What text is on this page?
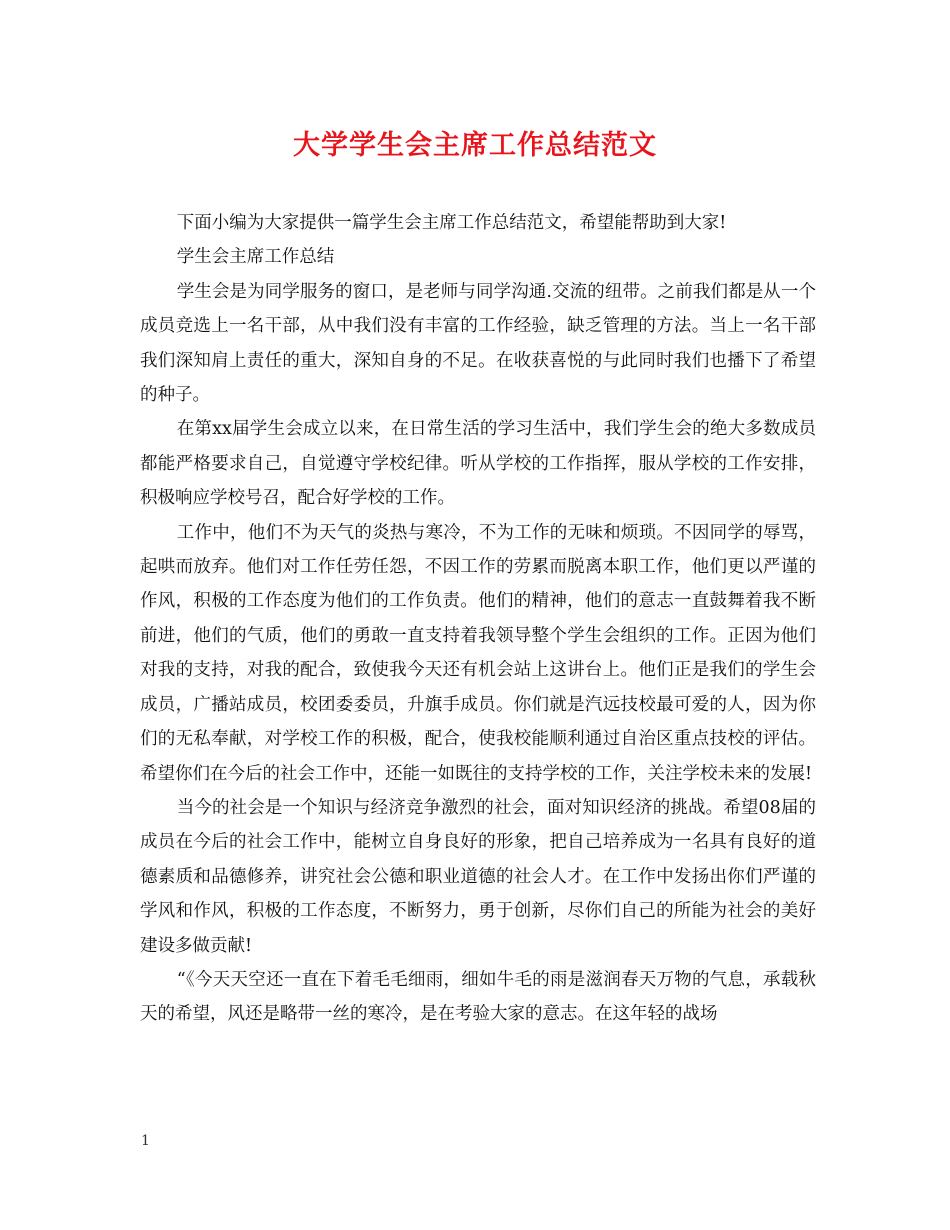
大学学生会主席工作总结范文

下面小编为大家提供一篇学生会主席工作总结范文，希望能帮助到大家!

学生会主席工作总结

学生会是为同学服务的窗口，是老师与同学沟通.交流的纽带。之前我们都是从一个成员竞选上一名干部，从中我们没有丰富的工作经验，缺乏管理的方法。当上一名干部我们深知肩上责任的重大，深知自身的不足。在收获喜悦的与此同时我们也播下了希望的种子。

在第xx届学生会成立以来，在日常生活的学习生活中，我们学生会的绝大多数成员都能严格要求自己，自觉遵守学校纪律。听从学校的工作指挥，服从学校的工作安排，积极响应学校号召，配合好学校的工作。

工作中，他们不为天气的炎热与寒冷，不为工作的无味和烦琐。不因同学的辱骂，起哄而放弃。他们对工作任劳任怨，不因工作的劳累而脱离本职工作，他们更以严谨的作风，积极的工作态度为他们的工作负责。他们的精神，他们的意志一直鼓舞着我不断前进，他们的气质，他们的勇敢一直支持着我领导整个学生会组织的工作。正因为他们对我的支持，对我的配合，致使我今天还有机会站上这讲台上。他们正是我们的学生会成员，广播站成员，校团委委员，升旗手成员。你们就是汽远技校最可爱的人，因为你们的无私奉献，对学校工作的积极，配合，使我校能顺利通过自治区重点技校的评估。希望你们在今后的社会工作中，还能一如既往的支持学校的工作，关注学校未来的发展!

当今的社会是一个知识与经济竞争激烈的社会，面对知识经济的挑战。希望08届的成员在今后的社会工作中，能树立自身良好的形象，把自己培养成为一名具有良好的道德素质和品德修养，讲究社会公德和职业道德的社会人才。在工作中发扬出你们严谨的学风和作风，积极的工作态度，不断努力，勇于创新，尽你们自己的所能为社会的美好建设多做贡献!

“《今天天空还一直在下着毛毛细雨，细如牛毛的雨是滋润春天万物的气息，承载秋天的希望，风还是略带一丝的寒冷，是在考验大家的意志。在这年轻的战场

1
